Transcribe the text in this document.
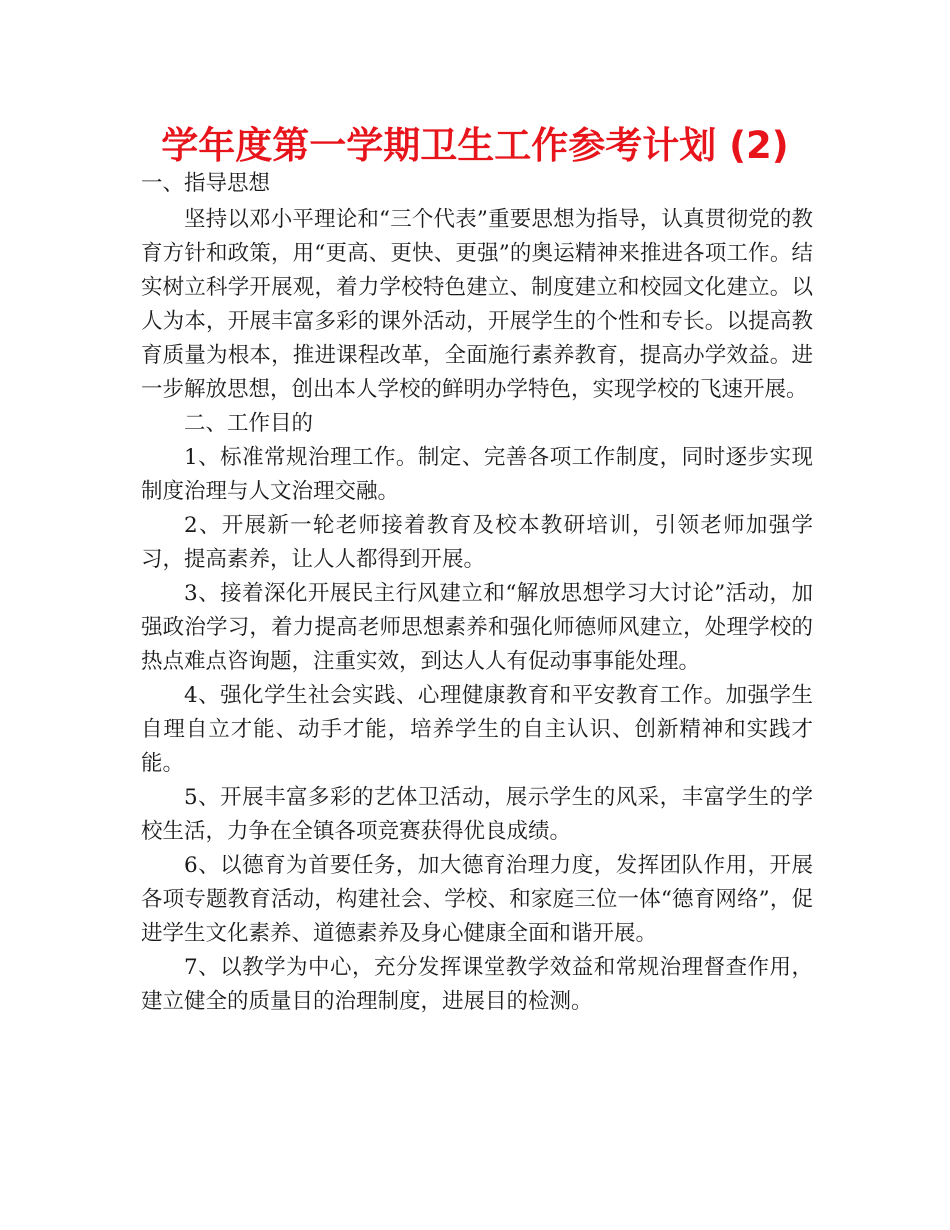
学年度第一学期卫生工作参考计划 (2)

一、指导思想

坚持以邓小平理论和“三个代表”重要思想为指导，认真贯彻党的教育方针和政策，用“更高、更快、更强”的奥运精神来推进各项工作。结实树立科学开展观，着力学校特色建立、制度建立和校园文化建立。以人为本，开展丰富多彩的课外活动，开展学生的个性和专长。以提高教育质量为根本，推进课程改革，全面施行素养教育，提高办学效益。进一步解放思想，创出本人学校的鲜明办学特色，实现学校的飞速开展。

二、工作目的

1、标准常规治理工作。制定、完善各项工作制度，同时逐步实现制度治理与人文治理交融。

2、开展新一轮老师接着教育及校本教研培训，引领老师加强学习，提高素养，让人人都得到开展。

3、接着深化开展民主行风建立和“解放思想学习大讨论”活动，加强政治学习，着力提高老师思想素养和强化师德师风建立，处理学校的热点难点咨询题，注重实效，到达人人有促动事事能处理。

4、强化学生社会实践、心理健康教育和平安教育工作。加强学生自理自立才能、动手才能，培养学生的自主认识、创新精神和实践才能。

5、开展丰富多彩的艺体卫活动，展示学生的风采，丰富学生的学校生活，力争在全镇各项竞赛获得优良成绩。

6、以德育为首要任务，加大德育治理力度，发挥团队作用，开展各项专题教育活动，构建社会、学校、和家庭三位一体“德育网络”，促进学生文化素养、道德素养及身心健康全面和谐开展。

7、以教学为中心，充分发挥课堂教学效益和常规治理督查作用，建立健全的质量目的治理制度，进展目的检测。
